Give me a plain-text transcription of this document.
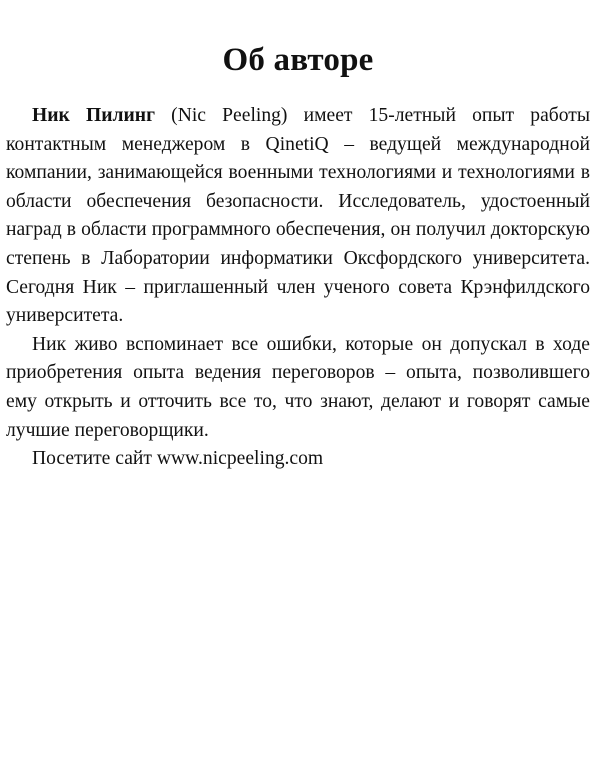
Об авторе

Ник Пилинг (Nic Peeling) имеет 15-летный опыт работы контактным менеджером в QinetiQ – ведущей международной компании, занимающейся военными технологиями и технологиями в области обеспечения безопасности. Исследователь, удостоенный наград в области программного обеспечения, он получил докторскую степень в Лаборатории информатики Оксфордского университета. Сегодня Ник – приглашенный член ученого совета Крэнфилдского университета.

Ник живо вспоминает все ошибки, которые он допускал в ходе приобретения опыта ведения переговоров – опыта, позволившего ему открыть и отточить все то, что знают, делают и говорят самые лучшие переговорщики.

Посетите сайт www.nicpeeling.com
